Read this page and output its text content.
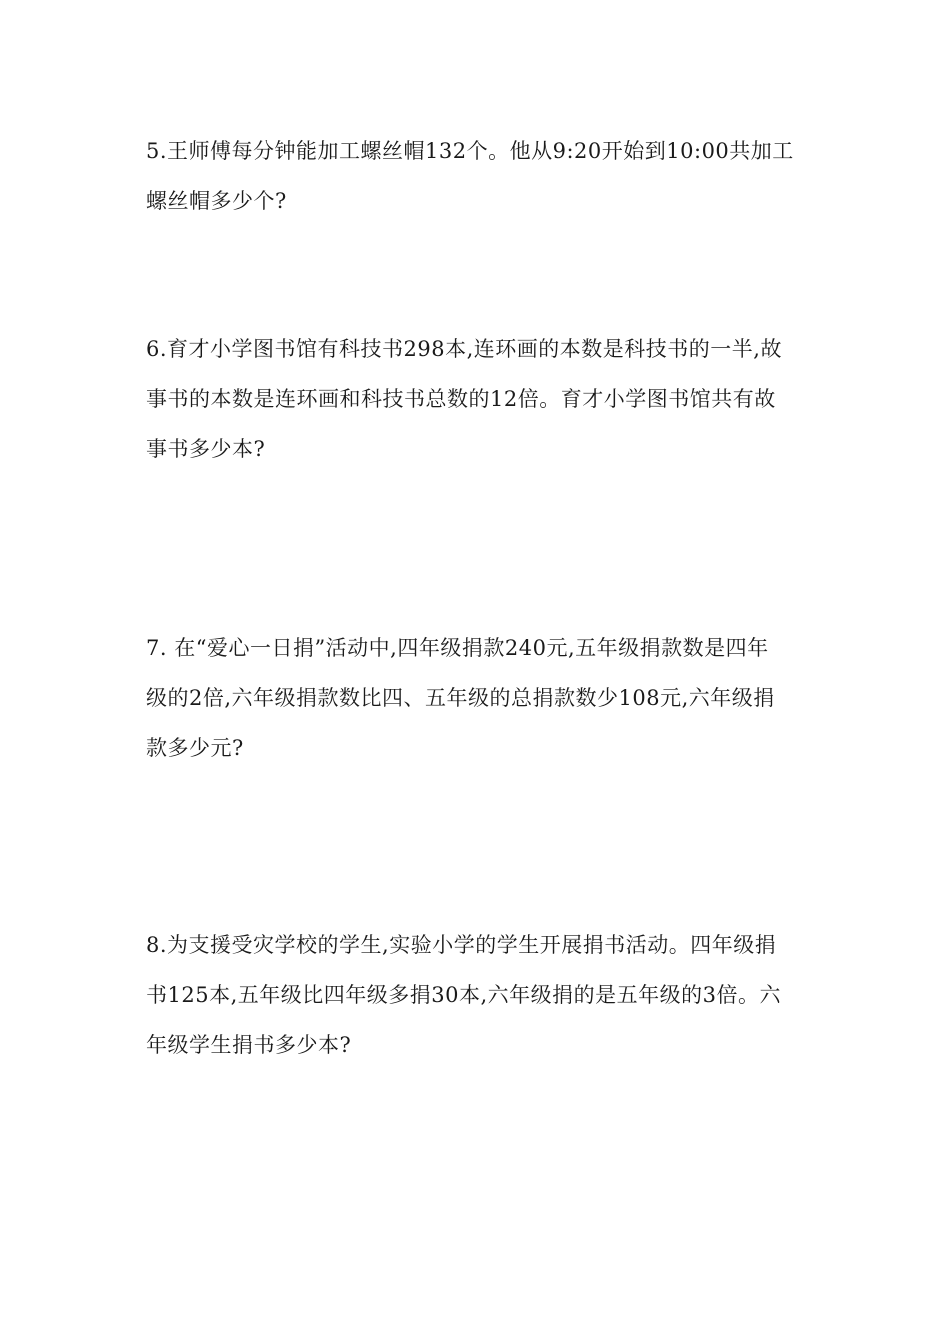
5.王师傅每分钟能加工螺丝帽132个。他从9:20开始到10:00共加工
螺丝帽多少个?
6.育才小学图书馆有科技书298本,连环画的本数是科技书的一半,故
事书的本数是连环画和科技书总数的12倍。育才小学图书馆共有故
事书多少本?
7. 在“爱心一日捐”活动中,四年级捐款240元,五年级捐款数是四年
级的2倍,六年级捐款数比四、五年级的总捐款数少108元,六年级捐
款多少元?
8.为支援受灾学校的学生,实验小学的学生开展捐书活动。四年级捐
书125本,五年级比四年级多捐30本,六年级捐的是五年级的3倍。六
年级学生捐书多少本?
